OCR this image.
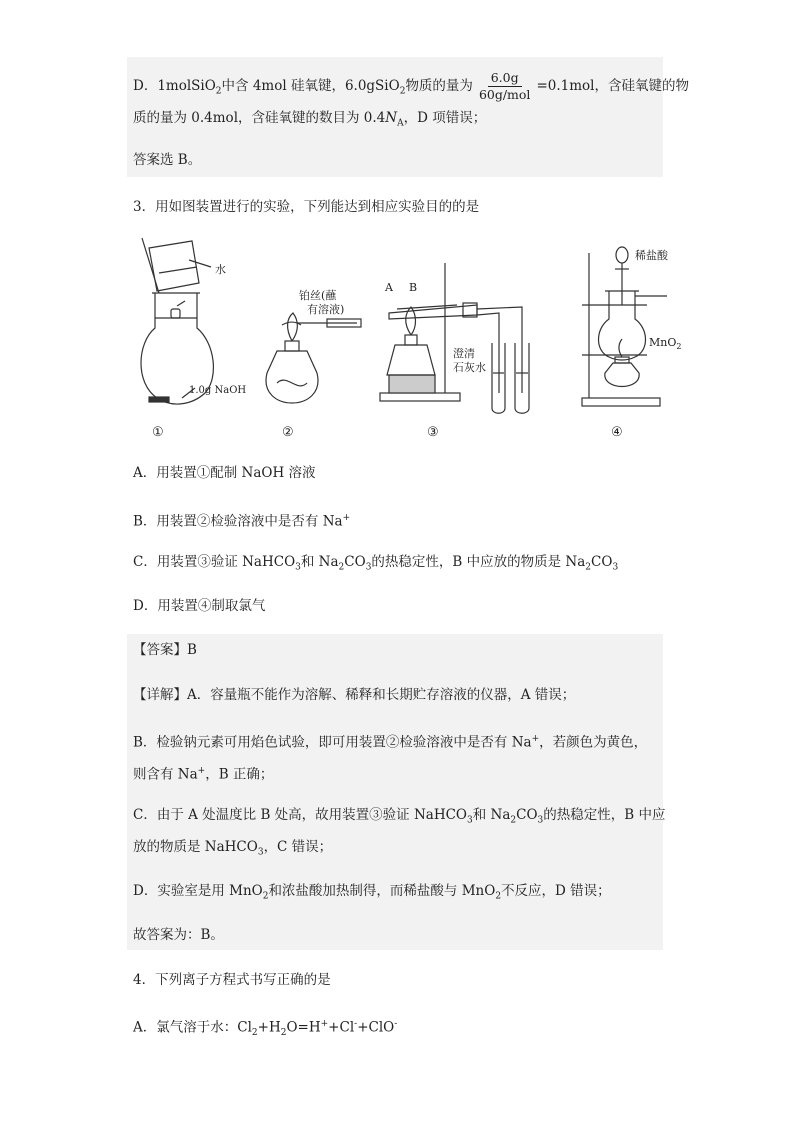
D．1molSiO$_2$中含 4mol 硅氧键，6.0gSiO$_2$物质的量为 $\frac{6.0g}{\text{60g/mol}} =0.1mol$，含硅氧键的物
质的量为 0.4mol，含硅氧键的数目为 $0.4N_A$，D 项错误；
答案选 B。
3．用如图装置进行的实验，下列能达到相应实验目的的是
水
1.0g NaOH
铂丝(蘸
有溶液)
A B
澄清
石灰水
稀盐酸
MnO$_2$
①	②	③	④
A．用装置①配制 NaOH 溶液
B．用装置②检验溶液中是否有 Na+
C．用装置③验证 NaHCO$_3$和 $Na_2CO_3$的热稳定性，B 中应放的物质是 $Na_2CO_3$
D．用装置④制取氯气
【答案】B
【详解】A．容量瓶不能作为溶解、稀释和长期贮存溶液的仪器，A 错误；
B．检验钠元素可用焰色试验，即可用装置②检验溶液中是否有 Na+，若颜色为黄色，
则含有 Na+，B 正确；
C．由于 A 处温度比 B 处高，故用装置③验证 NaHCO$_3$和 $Na_2CO_3$的热稳定性，B 中应
放的物质是 NaHCO$_3$，C 错误；
D．实验室是用 MnO$_2$和浓盐酸加热制得，而稀盐酸与 MnO$_2$不反应，D 错误；
故答案为：B。
4．下列离子方程式书写正确的是
A．氯气溶于水：$Cl_2+H_2O=H^++Cl^-+ClO^-$
